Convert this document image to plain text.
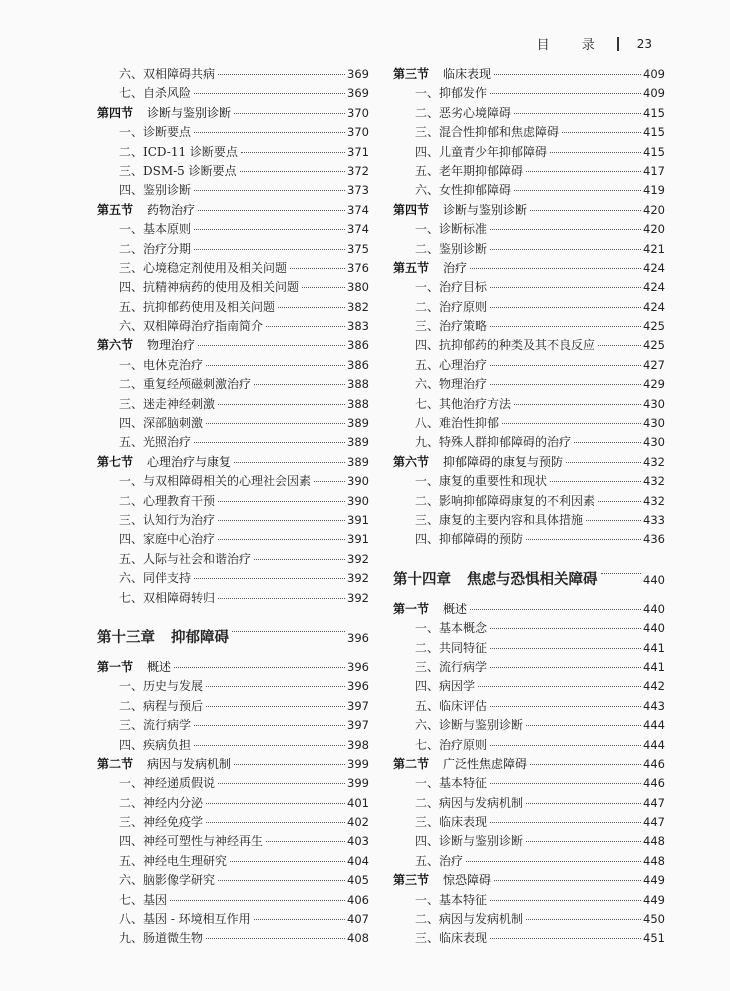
目 录 23
六、双相障碍共病	369
七、自杀风险	369
第四节 诊断与鉴别诊断	370
一、诊断要点	370
二、ICD-11 诊断要点	371
三、DSM-5 诊断要点	372
四、鉴别诊断	373
第五节 药物治疗	374
一、基本原则	374
二、治疗分期	375
三、心境稳定剂使用及相关问题	376
四、抗精神病药的使用及相关问题	380
五、抗抑郁药使用及相关问题	382
六、双相障碍治疗指南简介	383
第六节 物理治疗	386
一、电休克治疗	386
二、重复经颅磁刺激治疗	388
三、迷走神经刺激	388
四、深部脑刺激	389
五、光照治疗	389
第七节 心理治疗与康复	389
一、与双相障碍相关的心理社会因素	390
二、心理教育干预	390
三、认知行为治疗	391
四、家庭中心治疗	391
五、人际与社会和谐治疗	392
六、同伴支持	392
七、双相障碍转归	392
第十三章 抑郁障碍	396
第一节 概述	396
一、历史与发展	396
二、病程与预后	397
三、流行病学	397
四、疾病负担	398
第二节 病因与发病机制	399
一、神经递质假说	399
二、神经内分泌	401
三、神经免疫学	402
四、神经可塑性与神经再生	403
五、神经电生理研究	404
六、脑影像学研究	405
七、基因	406
八、基因 - 环境相互作用	407
九、肠道微生物	408
第三节 临床表现	409
一、抑郁发作	409
二、恶劣心境障碍	415
三、混合性抑郁和焦虑障碍	415
四、儿童青少年抑郁障碍	415
五、老年期抑郁障碍	417
六、女性抑郁障碍	419
第四节 诊断与鉴别诊断	420
一、诊断标准	420
二、鉴别诊断	421
第五节 治疗	424
一、治疗目标	424
二、治疗原则	424
三、治疗策略	425
四、抗抑郁药的种类及其不良反应	425
五、心理治疗	427
六、物理治疗	429
七、其他治疗方法	430
八、难治性抑郁	430
九、特殊人群抑郁障碍的治疗	430
第六节 抑郁障碍的康复与预防	432
一、康复的重要性和现状	432
二、影响抑郁障碍康复的不利因素	432
三、康复的主要内容和具体措施	433
四、抑郁障碍的预防	436
第十四章 焦虑与恐惧相关障碍	440
第一节 概述	440
一、基本概念	440
二、共同特征	441
三、流行病学	441
四、病因学	442
五、临床评估	443
六、诊断与鉴别诊断	444
七、治疗原则	444
第二节 广泛性焦虑障碍	446
一、基本特征	446
二、病因与发病机制	447
三、临床表现	447
四、诊断与鉴别诊断	448
五、治疗	448
第三节 惊恐障碍	449
一、基本特征	449
二、病因与发病机制	450
三、临床表现	451
